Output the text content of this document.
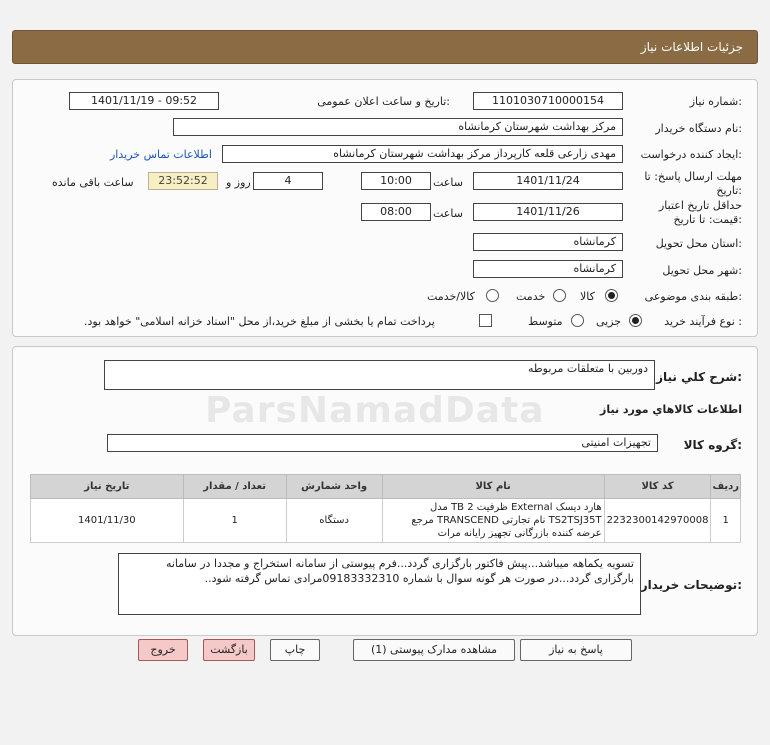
جزئیات اطلاعات نیاز
شماره نیاز:
1101030710000154
تاریخ و ساعت اعلان عمومی:
1401/11/19 - 09:52
نام دستگاه خریدار:
مرکز بهداشت شهرستان کرمانشاه
ایجاد کننده درخواست:
مهدی زارعی قلعه کارپرداز مرکز بهداشت شهرستان کرمانشاه
اطلاعات تماس خریدار
مهلت ارسال پاسخ: تا
تاریخ:
1401/11/24
ساعت
10:00
4
روز و
23:52:52
ساعت باقی مانده
حداقل تاریخ اعتبار
قیمت: تا تاریخ:
1401/11/26
ساعت
08:00
استان محل تحویل:
کرمانشاه
شهر محل تحویل:
کرمانشاه
طبقه بندی موضوعی:
کالا
خدمت
کالا/خدمت
نوع فرآیند خرید :
جزیی
متوسط
پرداخت تمام یا بخشی از مبلغ خرید،از محل "اسناد خزانه اسلامی" خواهد بود.
شرح کلي نياز:
دوربین با متعلقات مربوطه
ParsNamadData	اطلاعات کالاهاي مورد نياز
گروه کالا:
تجهیزات امنیتی
ردیف	کد کالا	نام کالا	واحد شمارش	تعداد / مقدار	تاریخ نیاز
1	2232300142970008	هارد دیسک External ظرفیت 2 TB مدل TS2TSJ35T نام تجارتی TRANSCEND مرجع عرضه کننده بازرگانی تجهیز رایانه مرات	دستگاه	1	1401/11/30
توضیحات خریدار:
تسویه یکماهه میباشد...پیش فاکتور بارگزاری گردد...فرم پیوستی از سامانه استخراج و مجددا در سامانه بارگزاری گردد...در صورت هر گونه سوال با شماره 09183332310مرادی تماس گرفته شود..
پاسخ به نیاز
مشاهده مدارک پیوستی (1)
چاپ
بازگشت
خروج
